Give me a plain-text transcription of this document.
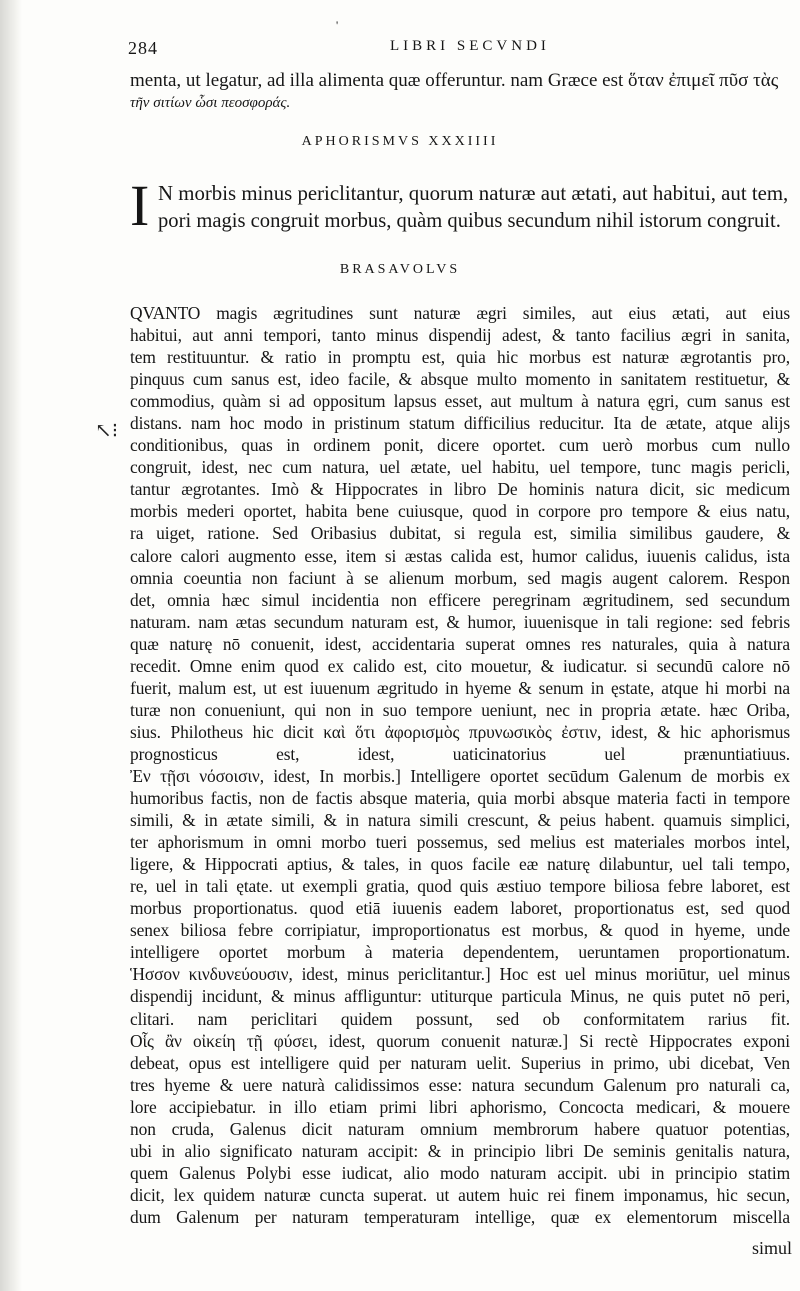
'
284	LIBRI SECVNDI
menta, ut legatur, ad illa alimenta quæ offeruntur. nam Græce est ὅταν ἐπιμεῖ πῦσ τὰς
τῆν σιτίων ὧσι πεοσφοράς.
APHORISMVS XXXIIII
I N morbis minus periclitantur, quorum naturæ aut ætati, aut habitui, aut tem,
pori magis congruit morbus, quàm quibus secundum nihil istorum congruit.
BRASAVOLVS
↖⁝
QVANTO magis ægritudines sunt naturæ ægri similes, aut eius ætati, aut eius
habitui, aut anni tempori, tanto minus dispendij adest, & tanto facilius ægri in sanita,
tem restituuntur. & ratio in promptu est, quia hic morbus est naturæ ægrotantis pro,
pinquus cum sanus est, ideo facile, & absque multo momento in sanitatem restituetur, &
commodius, quàm si ad oppositum lapsus esset, aut multum à natura ęgri, cum sanus est
distans. nam hoc modo in pristinum statum difficilius reducitur. Ita de ætate, atque alijs
conditionibus, quas in ordinem ponit, dicere oportet. cum uerò morbus cum nullo
congruit, idest, nec cum natura, uel ætate, uel habitu, uel tempore, tunc magis pericli,
tantur ægrotantes. Imò & Hippocrates in libro De hominis natura dicit, sic medicum
morbis mederi oportet, habita bene cuiusque, quod in corpore pro tempore & eius natu,
ra uiget, ratione. Sed Oribasius dubitat, si regula est, similia similibus gaudere, &
calore calori augmento esse, item si æstas calida est, humor calidus, iuuenis calidus, ista
omnia coeuntia non faciunt à se alienum morbum, sed magis augent calorem. Respon
det, omnia hæc simul incidentia non efficere peregrinam ægritudinem, sed secundum
naturam. nam ætas secundum naturam est, & humor, iuuenisque in tali regione: sed febris
quæ naturę nō conuenit, idest, accidentaria superat omnes res naturales, quia à natura
recedit. Omne enim quod ex calido est, cito mouetur, & iudicatur. si secundū calore nō
fuerit, malum est, ut est iuuenum ægritudo in hyeme & senum in ęstate, atque hi morbi na
turæ non conueniunt, qui non in suo tempore ueniunt, nec in propria ætate. hæc Oriba,
sius. Philotheus hic dicit καὶ ὅτι ἀφορισμὸς πρυνωσικὸς ἐστιν, idest, & hic aphorismus
prognosticus est, idest, uaticinatorius uel prænuntiatiuus.
Ἐν τῇσι νόσοισιν, idest, In morbis.] Intelligere oportet secūdum Galenum de morbis ex
humoribus factis, non de factis absque materia, quia morbi absque materia facti in tempore
simili, & in ætate simili, & in natura simili crescunt, & peius habent. quamuis simplici,
ter aphorismum in omni morbo tueri possemus, sed melius est materiales morbos intel,
ligere, & Hippocrati aptius, & tales, in quos facile eæ naturę dilabuntur, uel tali tempo,
re, uel in tali ętate. ut exempli gratia, quod quis æstiuo tempore biliosa febre laboret, est
morbus proportionatus. quod etiā iuuenis eadem laboret, proportionatus est, sed quod
senex biliosa febre corripiatur, improportionatus est morbus, & quod in hyeme, unde
intelligere oportet morbum à materia dependentem, ueruntamen proportionatum.
Ἡσσον κινδυνεύουσιν, idest, minus periclitantur.] Hoc est uel minus moriūtur, uel minus
dispendij incidunt, & minus affliguntur: utiturque particula Minus, ne quis putet nō peri,
clitari. nam periclitari quidem possunt, sed ob conformitatem rarius fit.
Οἷς ἂν οἰκείη τῇ φύσει, idest, quorum conuenit naturæ.] Si rectè Hippocrates exponi
debeat, opus est intelligere quid per naturam uelit. Superius in primo, ubi dicebat, Ven
tres hyeme & uere naturà calidissimos esse: natura secundum Galenum pro naturali ca,
lore accipiebatur. in illo etiam primi libri aphorismo, Concocta medicari, & mouere
non cruda, Galenus dicit naturam omnium membrorum habere quatuor potentias,
ubi in alio significato naturam accipit: & in principio libri De seminis genitalis natura,
quem Galenus Polybi esse iudicat, alio modo naturam accipit. ubi in principio statim
dicit, lex quidem naturæ cuncta superat. ut autem huic rei finem imponamus, hic secun,
dum Galenum per naturam temperaturam intellige, quæ ex elementorum miscella
simul
